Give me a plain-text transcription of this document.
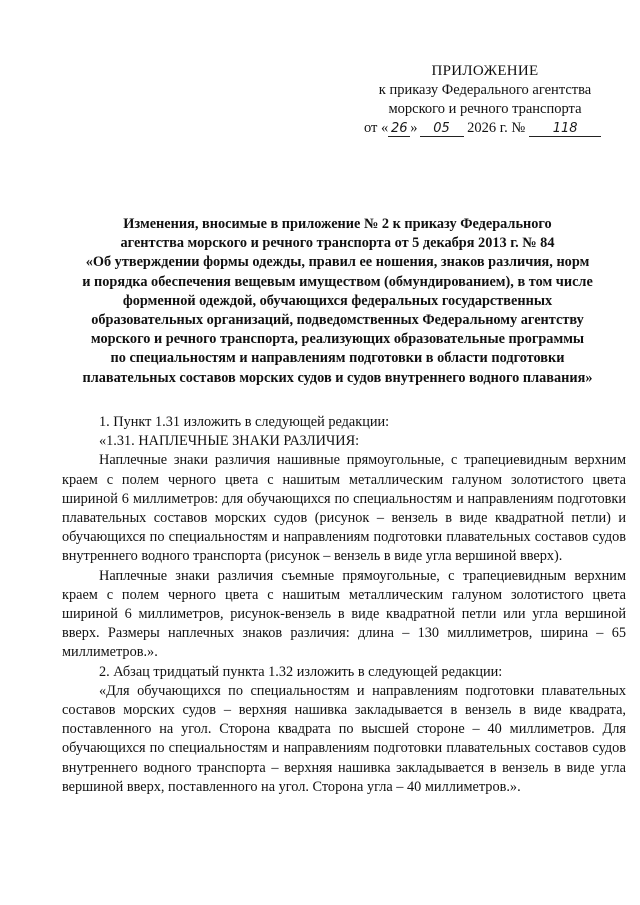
ПРИЛОЖЕНИЕ
к приказу Федерального агентства
морского и речного транспорта
от « 26 » 05 2026 г. № 118
Изменения, вносимые в приложение № 2 к приказу Федерального
агентства морского и речного транспорта от 5 декабря 2013 г. № 84
«Об утверждении формы одежды, правил ее ношения, знаков различия, норм
и порядка обеспечения вещевым имуществом (обмундированием), в том числе
форменной одеждой, обучающихся федеральных государственных
образовательных организаций, подведомственных Федеральному агентству
морского и речного транспорта, реализующих образовательные программы
по специальностям и направлениям подготовки в области подготовки
плавательных составов морских судов и судов внутреннего водного плавания»

1. Пункт 1.31 изложить в следующей редакции:

«1.31. НАПЛЕЧНЫЕ ЗНАКИ РАЗЛИЧИЯ:

Наплечные знаки различия нашивные прямоугольные, с трапециевидным верхним краем с полем черного цвета с нашитым металлическим галуном золотистого цвета шириной 6 миллиметров: для обучающихся по специальностям и направлениям подготовки плавательных составов морских судов (рисунок – вензель в виде квадратной петли) и обучающихся по специальностям и направлениям подготовки плавательных составов судов внутреннего водного транспорта (рисунок – вензель в виде угла вершиной вверх).

Наплечные знаки различия съемные прямоугольные, с трапециевидным верхним краем с полем черного цвета с нашитым металлическим галуном золотистого цвета шириной 6 миллиметров, рисунок-вензель в виде квадратной петли или угла вершиной вверх. Размеры наплечных знаков различия: длина – 130 миллиметров, ширина – 65 миллиметров.».

2. Абзац тридцатый пункта 1.32 изложить в следующей редакции:

«Для обучающихся по специальностям и направлениям подготовки плавательных составов морских судов – верхняя нашивка закладывается в вензель в виде квадрата, поставленного на угол. Сторона квадрата по высшей стороне – 40 миллиметров. Для обучающихся по специальностям и направлениям подготовки плавательных составов судов внутреннего водного транспорта – верхняя нашивка закладывается в вензель в виде угла вершиной вверх, поставленного на угол. Сторона угла – 40 миллиметров.».
